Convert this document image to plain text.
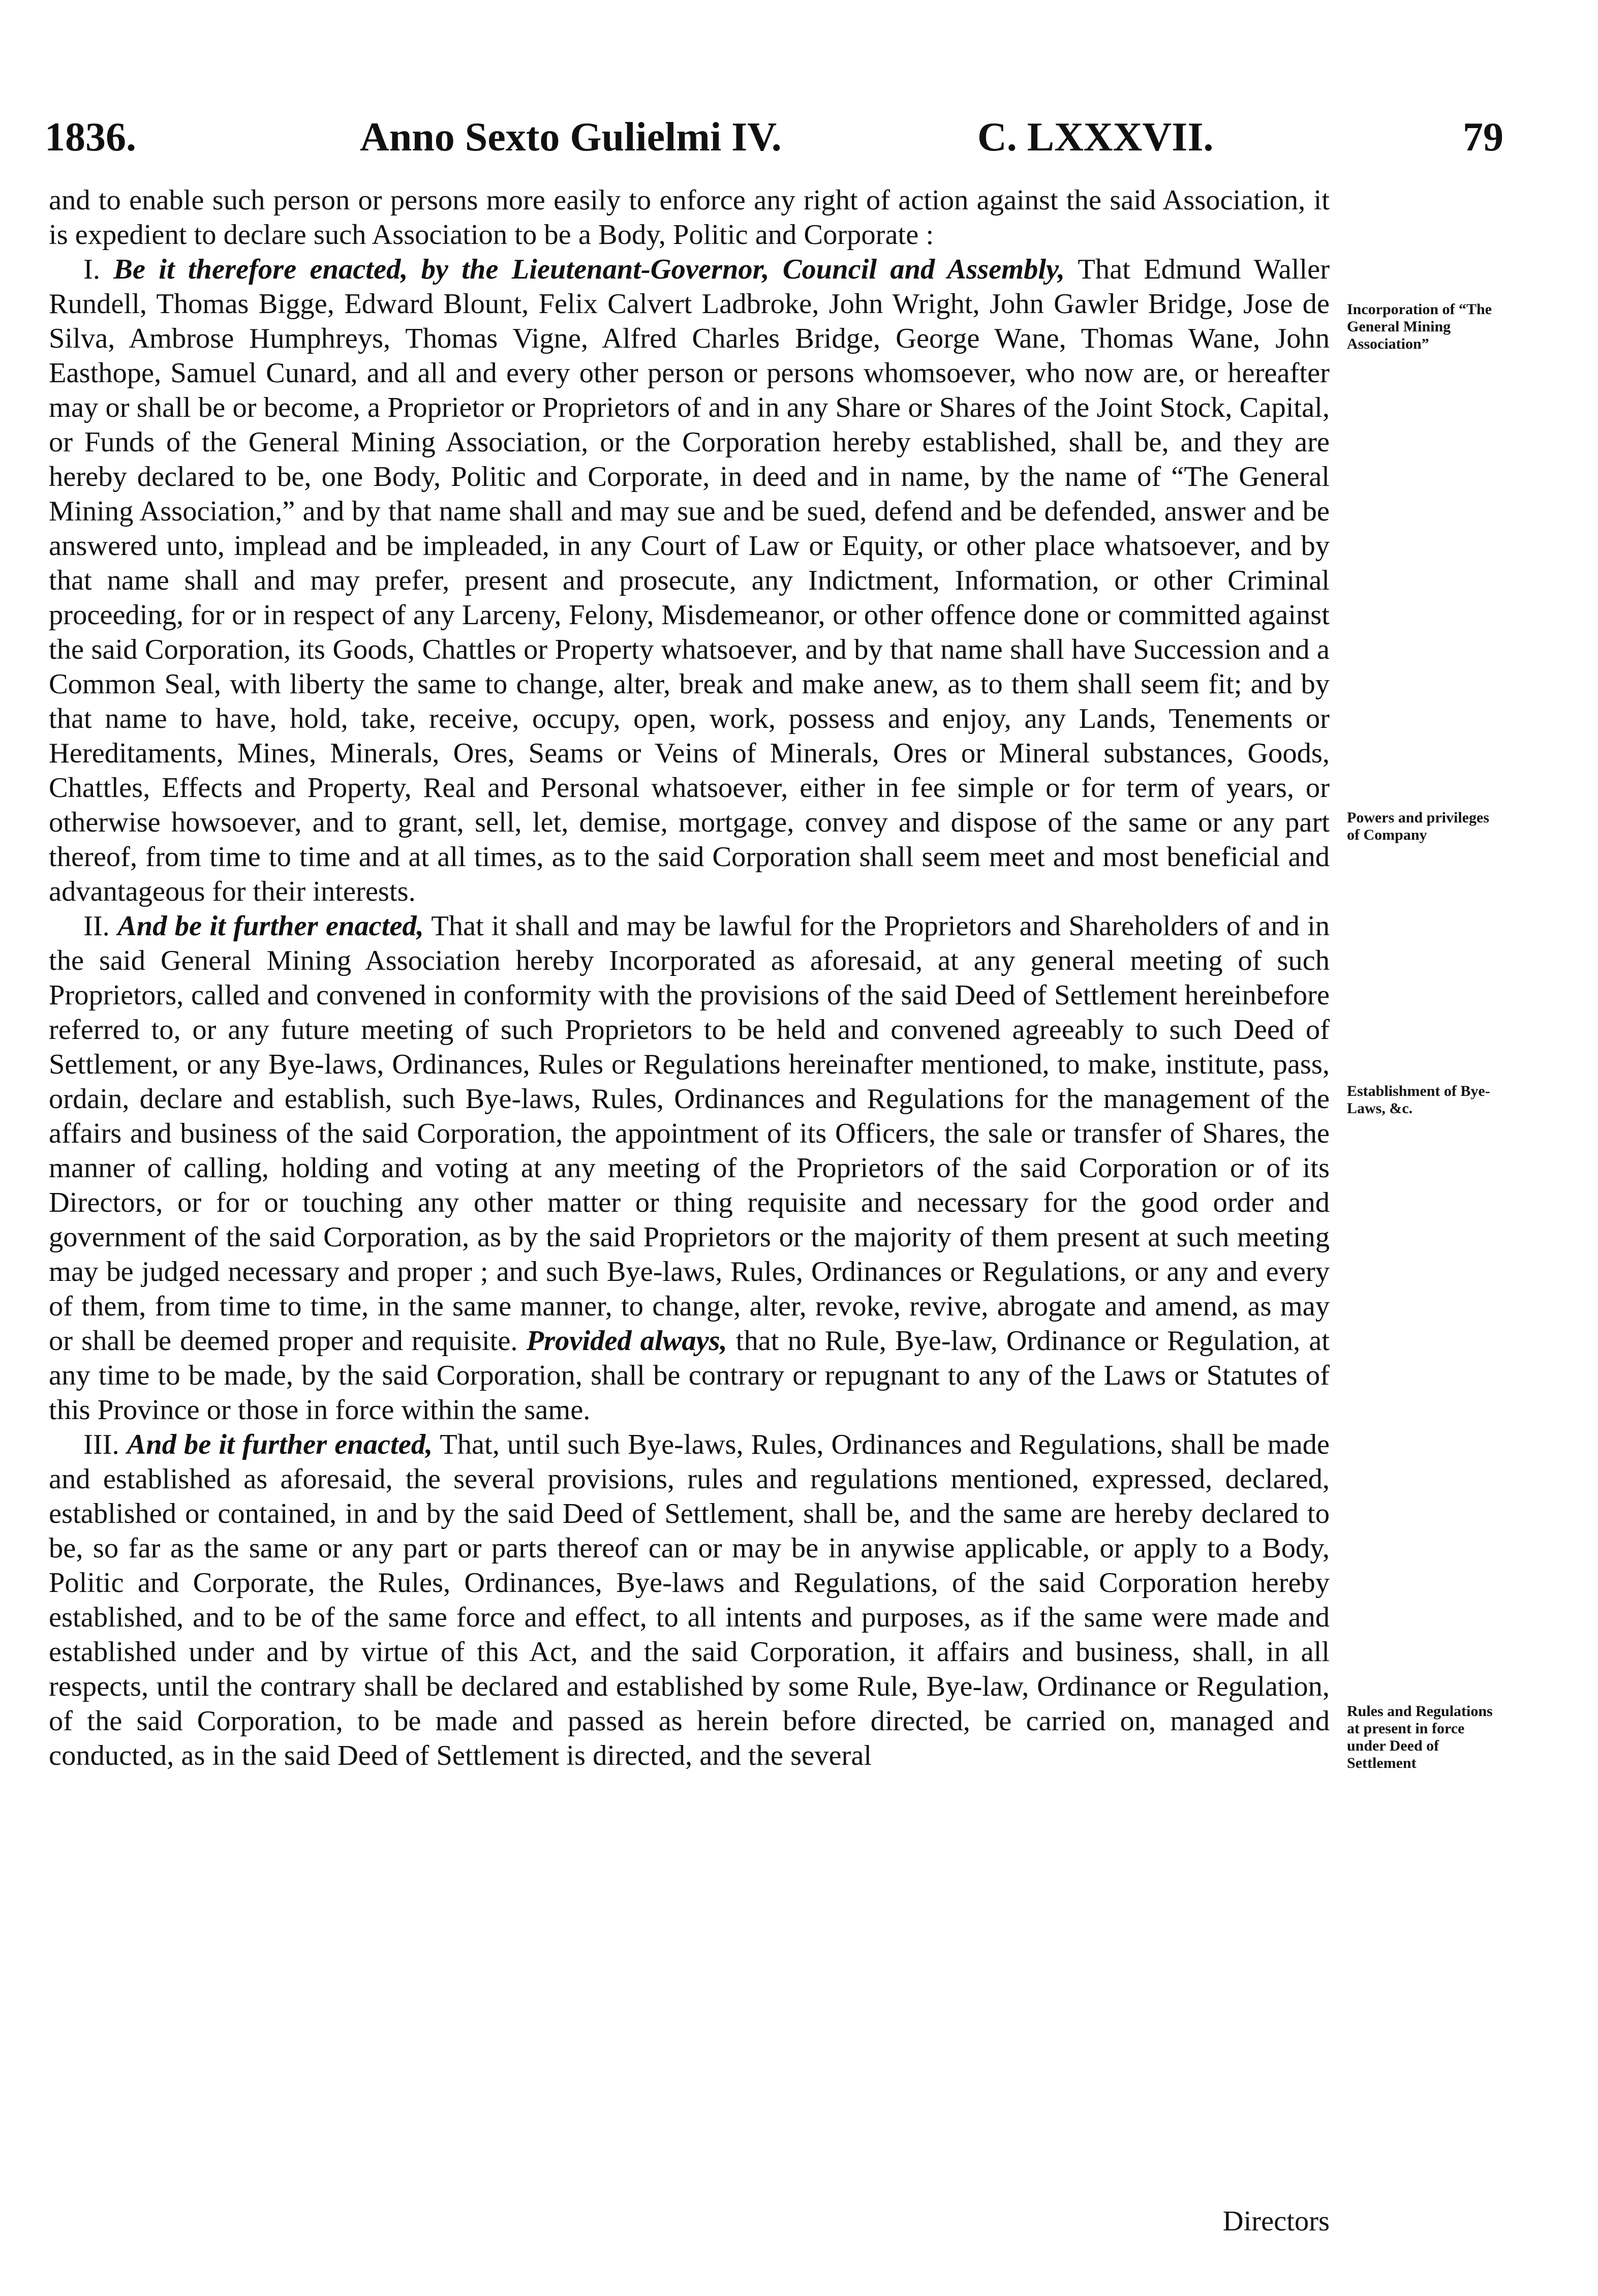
1836.	Anno Sexto Gulielmi IV.	C. LXXXVII.	79

and to enable such person or persons more easily to enforce any right of action against the said Association, it is expedient to declare such Association to be a Body, Politic and Corporate :

I. Be it therefore enacted, by the Lieutenant-Governor, Council and Assembly, That Edmund Waller Rundell, Thomas Bigge, Edward Blount, Felix Calvert Ladbroke, John Wright, John Gawler Bridge, Jose de Silva, Ambrose Humphreys, Thomas Vigne, Alfred Charles Bridge, George Wane, Thomas Wane, John Easthope, Samuel Cunard, and all and every other person or persons whomsoever, who now are, or hereafter may or shall be or become, a Proprietor or Proprietors of and in any Share or Shares of the Joint Stock, Capital, or Funds of the General Mining Association, or the Corporation hereby established, shall be, and they are hereby declared to be, one Body, Politic and Corporate, in deed and in name, by the name of “The General Mining Association,” and by that name shall and may sue and be sued, defend and be defended, answer and be answered unto, implead and be impleaded, in any Court of Law or Equity, or other place whatsoever, and by that name shall and may prefer, present and prosecute, any Indictment, Information, or other Criminal proceeding, for or in respect of any Larceny, Felony, Misdemeanor, or other offence done or committed against the said Corporation, its Goods, Chattles or Property whatsoever, and by that name shall have Succession and a Common Seal, with liberty the same to change, alter, break and make anew, as to them shall seem fit; and by that name to have, hold, take, receive, occupy, open, work, possess and enjoy, any Lands, Tenements or Hereditaments, Mines, Minerals, Ores, Seams or Veins of Minerals, Ores or Mineral substances, Goods, Chattles, Effects and Property, Real and Personal whatsoever, either in fee simple or for term of years, or otherwise howsoever, and to grant, sell, let, demise, mortgage, convey and dispose of the same or any part thereof, from time to time and at all times, as to the said Corporation shall seem meet and most beneficial and advantageous for their interests.

II. And be it further enacted, That it shall and may be lawful for the Proprietors and Shareholders of and in the said General Mining Association hereby Incorporated as aforesaid, at any general meeting of such Proprietors, called and convened in conformity with the provisions of the said Deed of Settlement hereinbefore referred to, or any future meeting of such Proprietors to be held and convened agreeably to such Deed of Settlement, or any Bye-laws, Ordinances, Rules or Regulations hereinafter mentioned, to make, institute, pass, ordain, declare and establish, such Bye-laws, Rules, Ordinances and Regulations for the management of the affairs and business of the said Corporation, the appointment of its Officers, the sale or transfer of Shares, the manner of calling, holding and voting at any meeting of the Proprietors of the said Corporation or of its Directors, or for or touching any other matter or thing requisite and necessary for the good order and government of the said Corporation, as by the said Proprietors or the majority of them present at such meeting may be judged necessary and proper ; and such Bye-laws, Rules, Ordinances or Regulations, or any and every of them, from time to time, in the same manner, to change, alter, revoke, revive, abrogate and amend, as may or shall be deemed proper and requisite. Provided always, that no Rule, Bye-law, Ordinance or Regulation, at any time to be made, by the said Corporation, shall be contrary or repugnant to any of the Laws or Statutes of this Province or those in force within the same.

III. And be it further enacted, That, until such Bye-laws, Rules, Ordinances and Regulations, shall be made and established as aforesaid, the several provisions, rules and regulations mentioned, expressed, declared, established or contained, in and by the said Deed of Settlement, shall be, and the same are hereby declared to be, so far as the same or any part or parts thereof can or may be in anywise applicable, or apply to a Body, Politic and Corporate, the Rules, Ordinances, Bye-laws and Regulations, of the said Corporation hereby established, and to be of the same force and effect, to all intents and purposes, as if the same were made and established under and by virtue of this Act, and the said Corporation, it affairs and business, shall, in all respects, until the contrary shall be declared and established by some Rule, Bye-law, Ordinance or Regulation, of the said Corporation, to be made and passed as herein before directed, be carried on, managed and conducted, as in the said Deed of Settlement is directed, and the several

Directors
Incorporation of “The General Mining Association”
Powers and privileges of Company
Establishment of Bye-Laws, &c.
Rules and Regulations at present in force under Deed of Settlement
